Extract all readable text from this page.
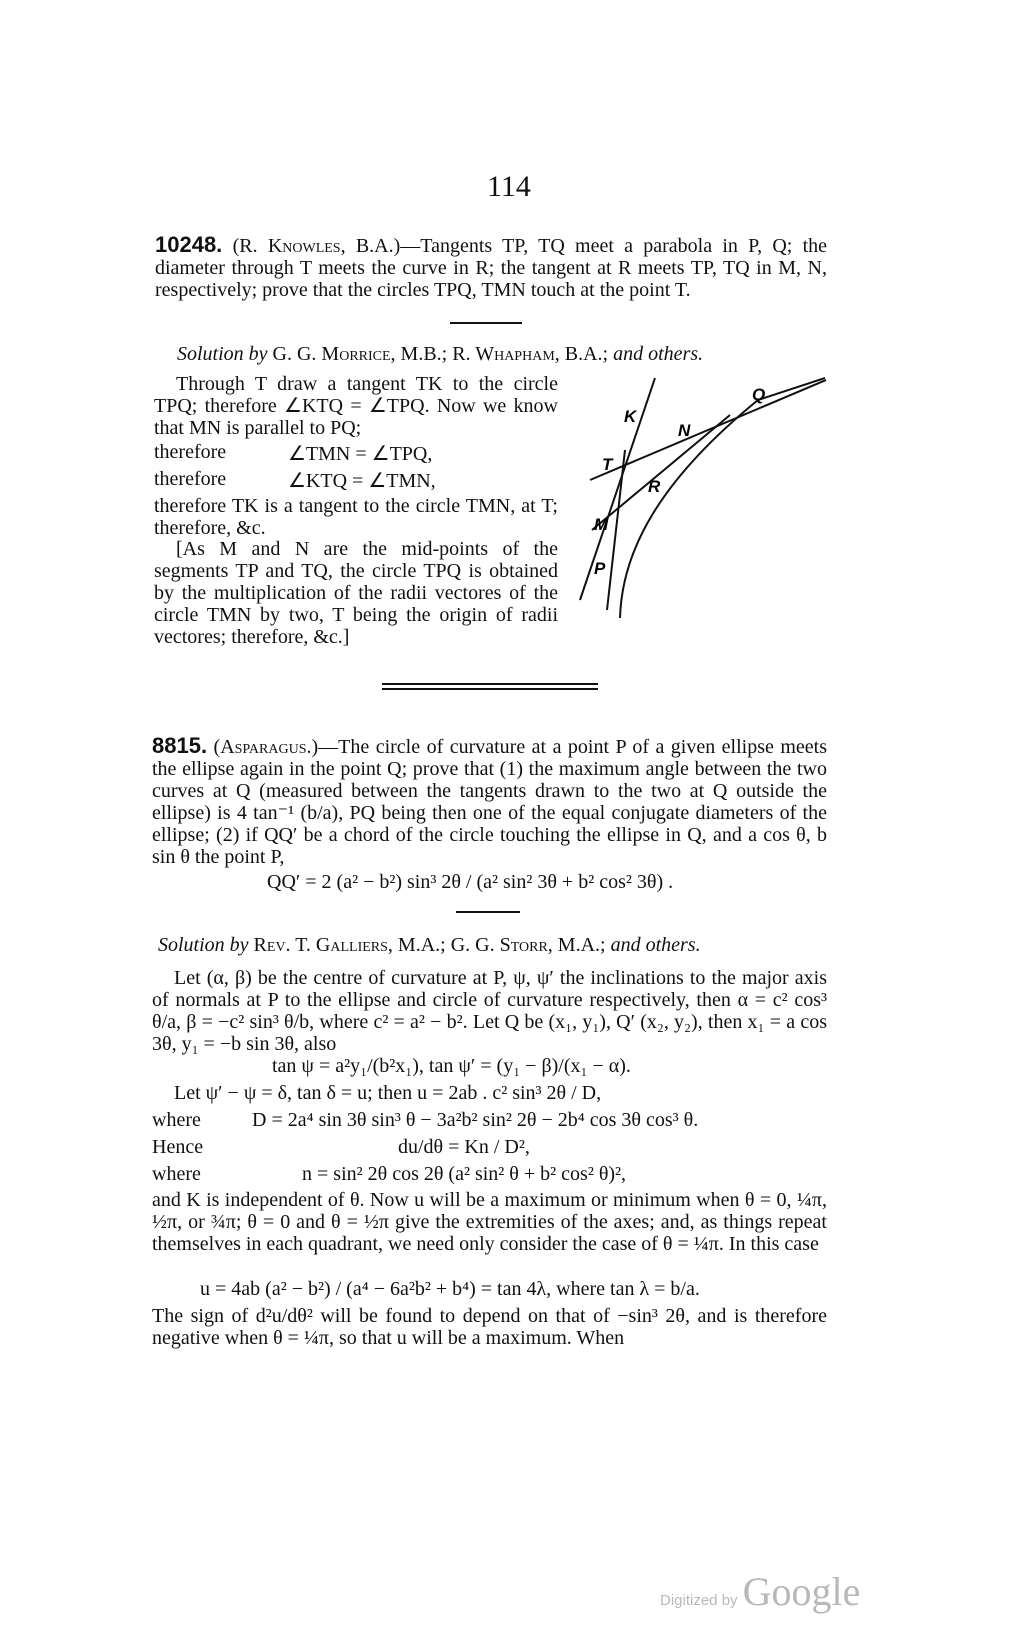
114
10248. (R. Knowles, B.A.)—Tangents TP, TQ meet a parabola in P, Q; the diameter through T meets the curve in R; the tangent at R meets TP, TQ in M, N, respectively; prove that the circles TPQ, TMN touch at the point T.
Solution by G. G. Morrice, M.B.; R. Whapham, B.A.; and others.
Through T draw a tangent TK to the circle TPQ; therefore ∠KTQ = ∠TPQ. Now we know that MN is parallel to PQ;
therefore	∠TMN = ∠TPQ,
therefore	∠KTQ = ∠TMN,
therefore TK is a tangent to the circle TMN, at T; therefore, &c.
[As M and N are the mid-points of the segments TP and TQ, the circle TPQ is obtained by the multiplication of the radii vectores of the circle TMN by two, T being the origin of radii vectores; therefore, &c.]
K
Q
N
T
R
M
P
8815. (Asparagus.)—The circle of curvature at a point P of a given ellipse meets the ellipse again in the point Q; prove that (1) the maximum angle between the two curves at Q (measured between the tangents drawn to the two at Q outside the ellipse) is 4 tan⁻¹ (b/a), PQ being then one of the equal conjugate diameters of the ellipse; (2) if QQ′ be a chord of the circle touching the ellipse in Q, and a cos θ, b sin θ the point P,
QQ′ = 2 (a² − b²) sin³ 2θ / (a² sin² 3θ + b² cos² 3θ) .
Solution by Rev. T. Galliers, M.A.; G. G. Storr, M.A.; and others.
Let (α, β) be the centre of curvature at P, ψ, ψ′ the inclinations to the major axis of normals at P to the ellipse and circle of curvature respectively, then α = c² cos³ θ/a, β = −c² sin³ θ/b, where c² = a² − b². Let Q be (x₁, y₁), Q′ (x₂, y₂), then x₁ = a cos 3θ, y₁ = −b sin 3θ, also
tan ψ = a²y₁/(b²x₁), tan ψ′ = (y₁ − β)/(x₁ − α).
Let ψ′ − ψ = δ, tan δ = u; then u = 2ab . c² sin³ 2θ / D,
where	D = 2a⁴ sin 3θ sin³ θ − 3a²b² sin² 2θ − 2b⁴ cos 3θ cos³ θ.
Hence	du/dθ = Kn / D²,
where	n = sin² 2θ cos 2θ (a² sin² θ + b² cos² θ)²,
and K is independent of θ. Now u will be a maximum or minimum when θ = 0, ¼π, ½π, or ¾π; θ = 0 and θ = ½π give the extremities of the axes; and, as things repeat themselves in each quadrant, we need only consider the case of θ = ¼π. In this case
u = 4ab (a² − b²) / (a⁴ − 6a²b² + b⁴) = tan 4λ, where tan λ = b/a.
The sign of d²u/dθ² will be found to depend on that of −sin³ 2θ, and is therefore negative when θ = ¼π, so that u will be a maximum. When
Digitized by Google
